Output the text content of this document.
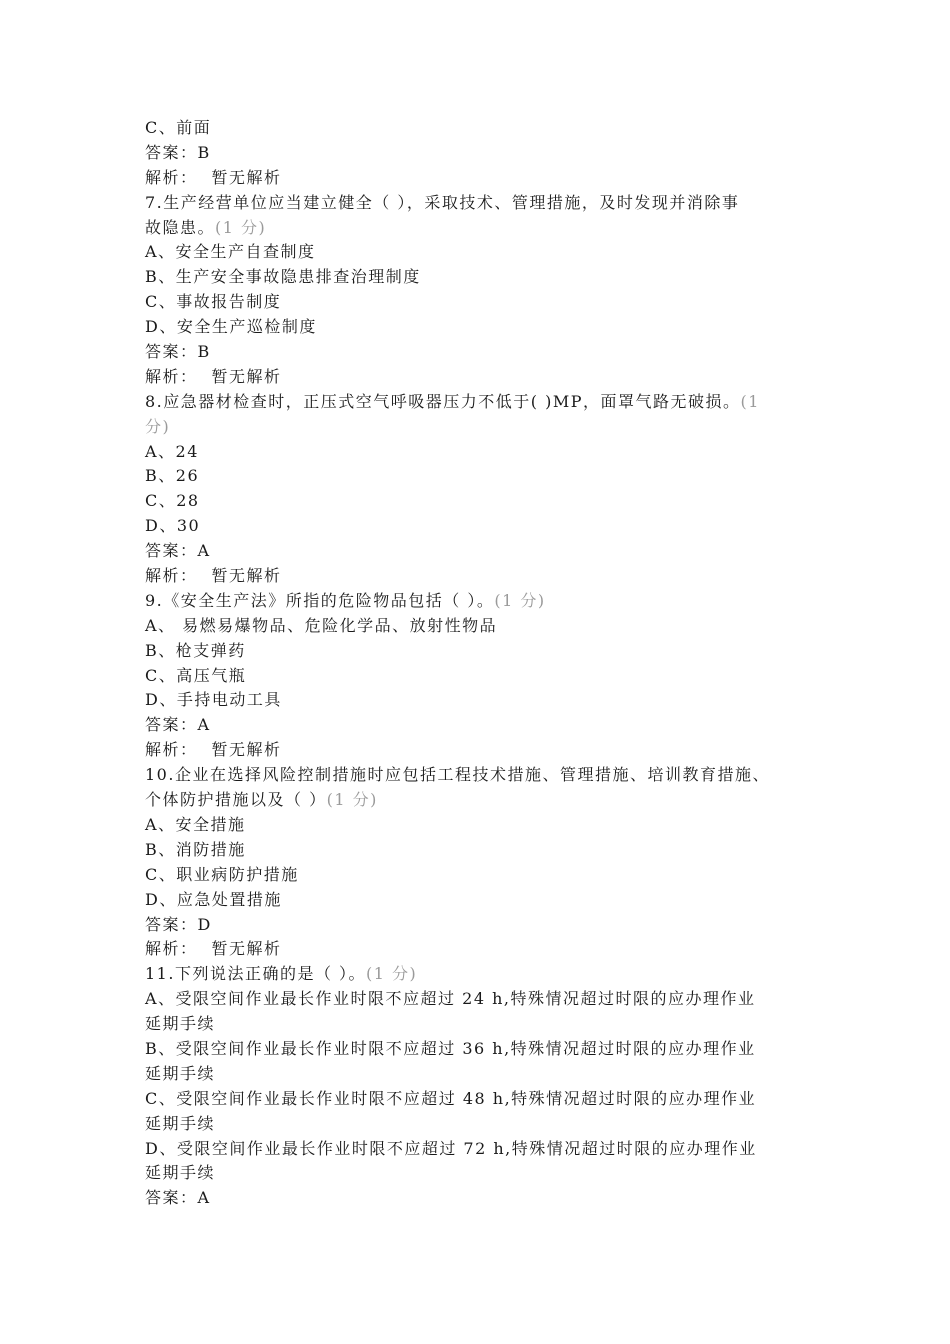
C、前面
答案：B
解析： 暂无解析
7.生产经营单位应当建立健全（ ），采取技术、管理措施，及时发现并消除事
故隐患。(1 分)
A、安全生产自查制度
B、生产安全事故隐患排查治理制度
C、事故报告制度
D、安全生产巡检制度
答案：B
解析： 暂无解析
8.应急器材检查时，正压式空气呼吸器压力不低于( )MP，面罩气路无破损。(1
分)
A、24
B、26
C、28
D、30
答案：A
解析： 暂无解析
9.《安全生产法》所指的危险物品包括（ ）。(1 分)
A、 易燃易爆物品、危险化学品、放射性物品
B、枪支弹药
C、高压气瓶
D、手持电动工具
答案：A
解析： 暂无解析
10.企业在选择风险控制措施时应包括工程技术措施、管理措施、培训教育措施、
个体防护措施以及（ ）(1 分)
A、安全措施
B、消防措施
C、职业病防护措施
D、应急处置措施
答案：D
解析： 暂无解析
11.下列说法正确的是（ ）。(1 分)
A、受限空间作业最长作业时限不应超过 24 h,特殊情况超过时限的应办理作业
延期手续
B、受限空间作业最长作业时限不应超过 36 h,特殊情况超过时限的应办理作业
延期手续
C、受限空间作业最长作业时限不应超过 48 h,特殊情况超过时限的应办理作业
延期手续
D、受限空间作业最长作业时限不应超过 72 h,特殊情况超过时限的应办理作业
延期手续
答案：A
